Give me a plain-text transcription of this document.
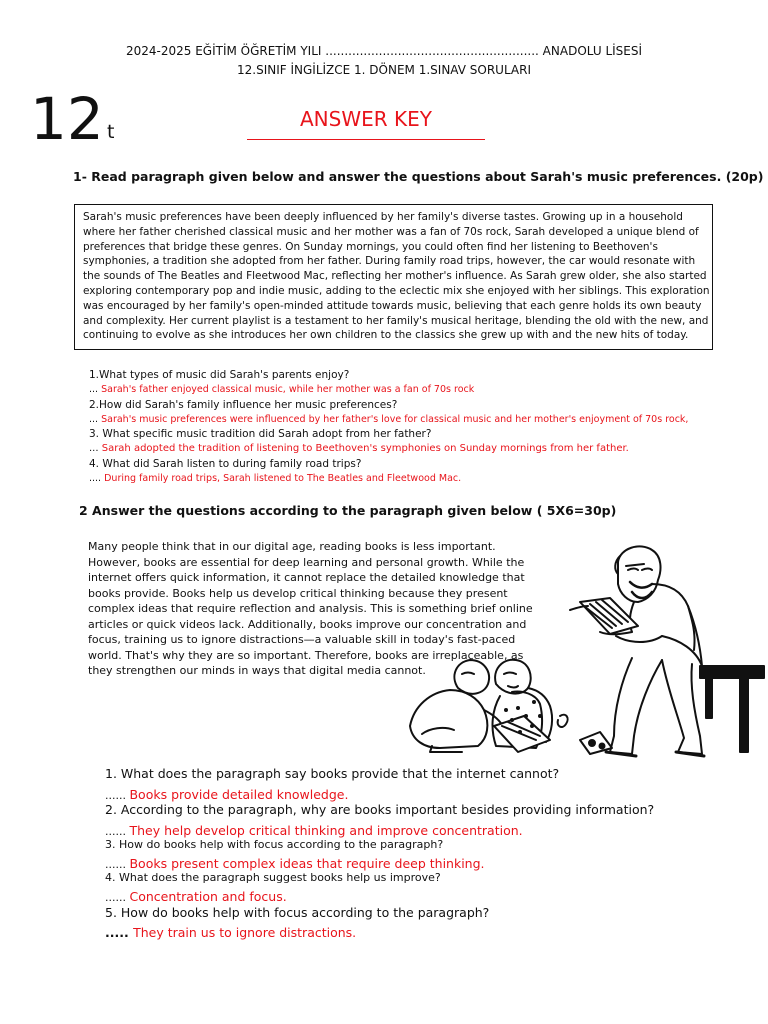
2024-2025 EĞİTİM ÖĞRETİM YILI ........................................................ ANADOLU LİSESİ
12.SINIF İNGİLİZCE 1. DÖNEM 1.SINAV SORULARI
12 t
ANSWER KEY
1- Read paragraph given below and answer the questions about Sarah's music preferences. (20p)
Sarah's music preferences have been deeply influenced by her family's diverse tastes. Growing up in a household
where her father cherished classical music and her mother was a fan of 70s rock, Sarah developed a unique blend of
preferences that bridge these genres. On Sunday mornings, you could often find her listening to Beethoven's
symphonies, a tradition she adopted from her father. During family road trips, however, the car would resonate with
the sounds of The Beatles and Fleetwood Mac, reflecting her mother's influence. As Sarah grew older, she also started
exploring contemporary pop and indie music, adding to the eclectic mix she enjoyed with her siblings. This exploration
was encouraged by her family's open-minded attitude towards music, believing that each genre holds its own beauty
and complexity. Her current playlist is a testament to her family's musical heritage, blending the old with the new, and
continuing to evolve as she introduces her own children to the classics she grew up with and the new hits of today.
1.What types of music did Sarah's parents enjoy?
... Sarah's father enjoyed classical music, while her mother was a fan of 70s rock
2.How did Sarah's family influence her music preferences?
... Sarah's music preferences were influenced by her father's love for classical music and her mother's enjoyment of 70s rock,
3. What specific music tradition did Sarah adopt from her father?
... Sarah adopted the tradition of listening to Beethoven's symphonies on Sunday mornings from her father.
4. What did Sarah listen to during family road trips?
.... During family road trips, Sarah listened to The Beatles and Fleetwood Mac.
2 Answer the questions according to the paragraph given below ( 5X6=30p)
Many people think that in our digital age, reading books is less important.
However, books are essential for deep learning and personal growth. While the
internet offers quick information, it cannot replace the detailed knowledge that
books provide. Books help us develop critical thinking because they present
complex ideas that require reflection and analysis. This is something brief online
articles or quick videos lack. Additionally, books improve our concentration and
focus, training us to ignore distractions—a valuable skill in today's fast-paced
world. That's why they are so important. Therefore, books are irreplaceable, as
they strengthen our minds in ways that digital media cannot.
1. What does the paragraph say books provide that the internet cannot?
...... Books provide detailed knowledge.
2. According to the paragraph, why are books important besides providing information?
...... They help develop critical thinking and improve concentration.
3. How do books help with focus according to the paragraph?
...... Books present complex ideas that require deep thinking.
4. What does the paragraph suggest books help us improve?
...... Concentration and focus.
5. How do books help with focus according to the paragraph?
..... They train us to ignore distractions.
